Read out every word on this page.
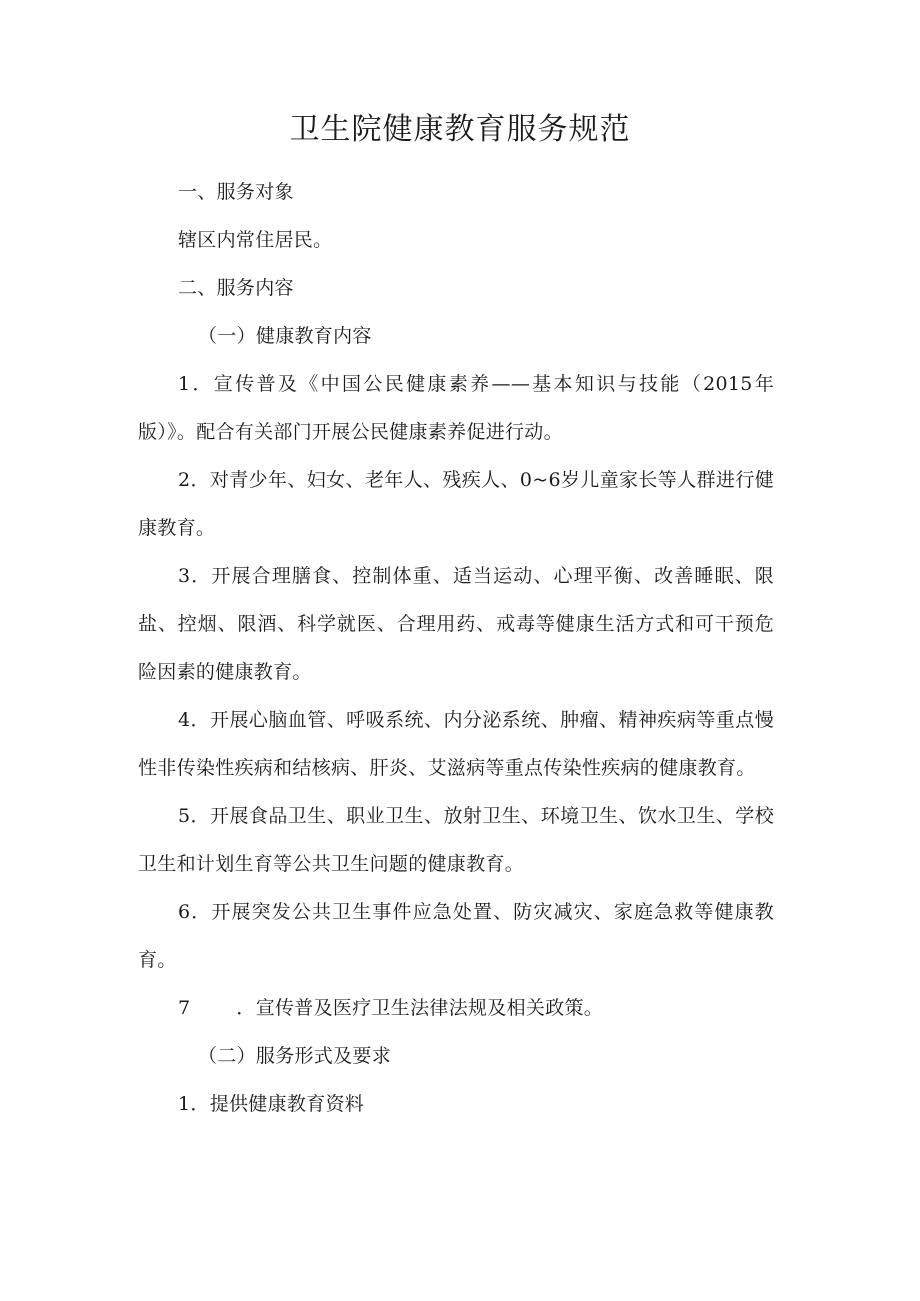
卫生院健康教育服务规范

一、服务对象

辖区内常住居民。

二、服务内容

（一）健康教育内容

1．宣传普及《中国公民健康素养——基本知识与技能（2015年版）》。配合有关部门开展公民健康素养促进行动。

2．对青少年、妇女、老年人、残疾人、0~6岁儿童家长等人群进行健康教育。

3．开展合理膳食、控制体重、适当运动、心理平衡、改善睡眠、限盐、控烟、限酒、科学就医、合理用药、戒毒等健康生活方式和可干预危险因素的健康教育。

4．开展心脑血管、呼吸系统、内分泌系统、肿瘤、精神疾病等重点慢性非传染性疾病和结核病、肝炎、艾滋病等重点传染性疾病的健康教育。

5．开展食品卫生、职业卫生、放射卫生、环境卫生、饮水卫生、学校卫生和计划生育等公共卫生问题的健康教育。

6．开展突发公共卫生事件应急处置、防灾减灾、家庭急救等健康教育。

7 ．宣传普及医疗卫生法律法规及相关政策。

（二）服务形式及要求

1．提供健康教育资料
